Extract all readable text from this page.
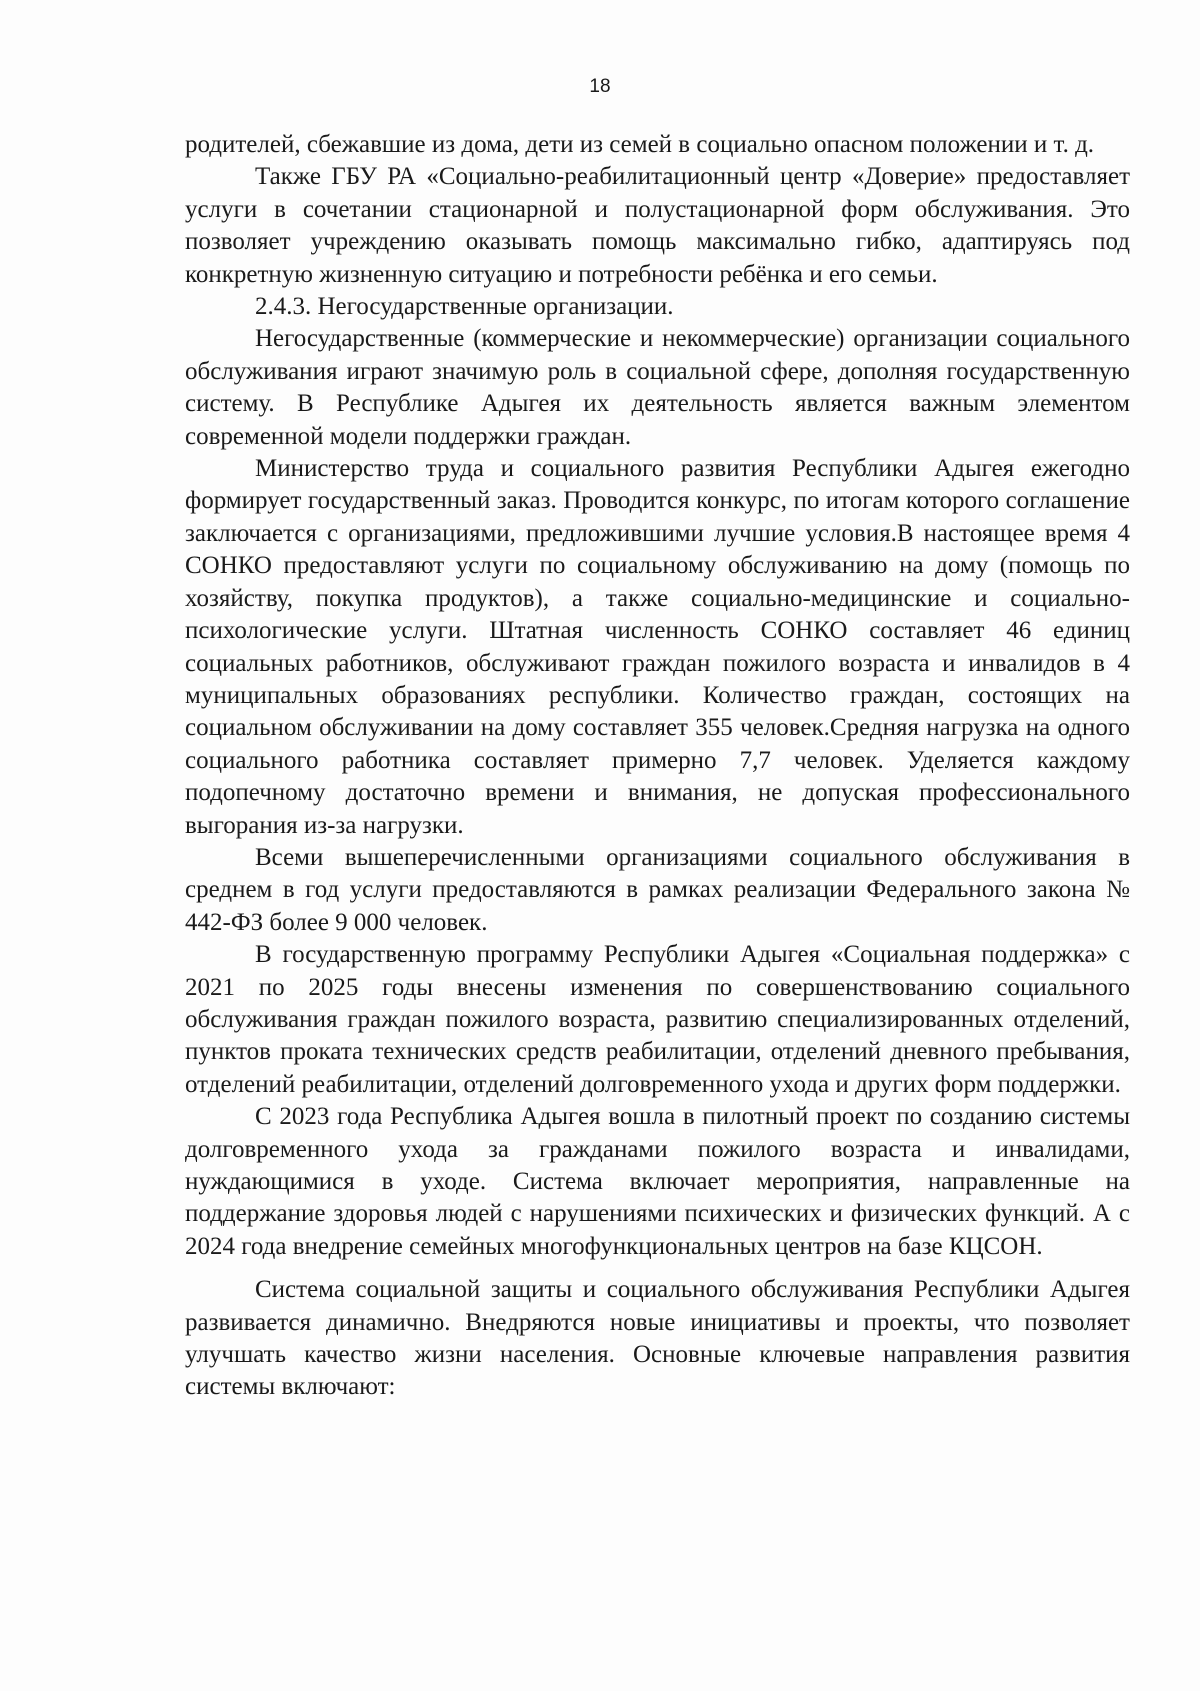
18

родителей, сбежавшие из дома, дети из семей в социально опасном положении и т. д.

Также ГБУ РА «Социально-реабилитационный центр «Доверие» предоставляет услуги в сочетании стационарной и полустационарной форм обслуживания. Это позволяет учреждению оказывать помощь максимально гибко, адаптируясь под конкретную жизненную ситуацию и потребности ребёнка и его семьи.

2.4.3. Негосударственные организации.

Негосударственные (коммерческие и некоммерческие) организации социального обслуживания играют значимую роль в социальной сфере, дополняя государственную систему. В Республике Адыгея их деятельность является важным элементом современной модели поддержки граждан.

Министерство труда и социального развития Республики Адыгея ежегодно формирует государственный заказ. Проводится конкурс, по итогам которого соглашение заключается с организациями, предложившими лучшие условия.В настоящее время 4 СОНКО предоставляют услуги по социальному обслуживанию на дому (помощь по хозяйству, покупка продуктов), а также социально-медицинские и социально-психологические услуги. Штатная численность СОНКО составляет 46 единиц социальных работников, обслуживают граждан пожилого возраста и инвалидов в 4 муниципальных образованиях республики. Количество граждан, состоящих на социальном обслуживании на дому составляет 355 человек.Средняя нагрузка на одного социального работника составляет примерно 7,7 человек. Уделяется каждому подопечному достаточно времени и внимания, не допуская профессионального выгорания из-за нагрузки.

Всеми вышеперечисленными организациями социального обслуживания в среднем в год услуги предоставляются в рамках реализации Федерального закона № 442-ФЗ более 9 000 человек.

В государственную программу Республики Адыгея «Социальная поддержка» с 2021 по 2025 годы внесены изменения по совершенствованию социального обслуживания граждан пожилого возраста, развитию специализированных отделений, пунктов проката технических средств реабилитации, отделений дневного пребывания, отделений реабилитации, отделений долговременного ухода и других форм поддержки.

С 2023 года Республика Адыгея вошла в пилотный проект по созданию системы долговременного ухода за гражданами пожилого возраста и инвалидами, нуждающимися в уходе. Система включает мероприятия, направленные на поддержание здоровья людей с нарушениями психических и физических функций. А с 2024 года внедрение семейных многофункциональных центров на базе КЦСОН.

Система социальной защиты и социального обслуживания Республики Адыгея развивается динамично. Внедряются новые инициативы и проекты, что позволяет улучшать качество жизни населения. Основные ключевые направления развития системы включают:
